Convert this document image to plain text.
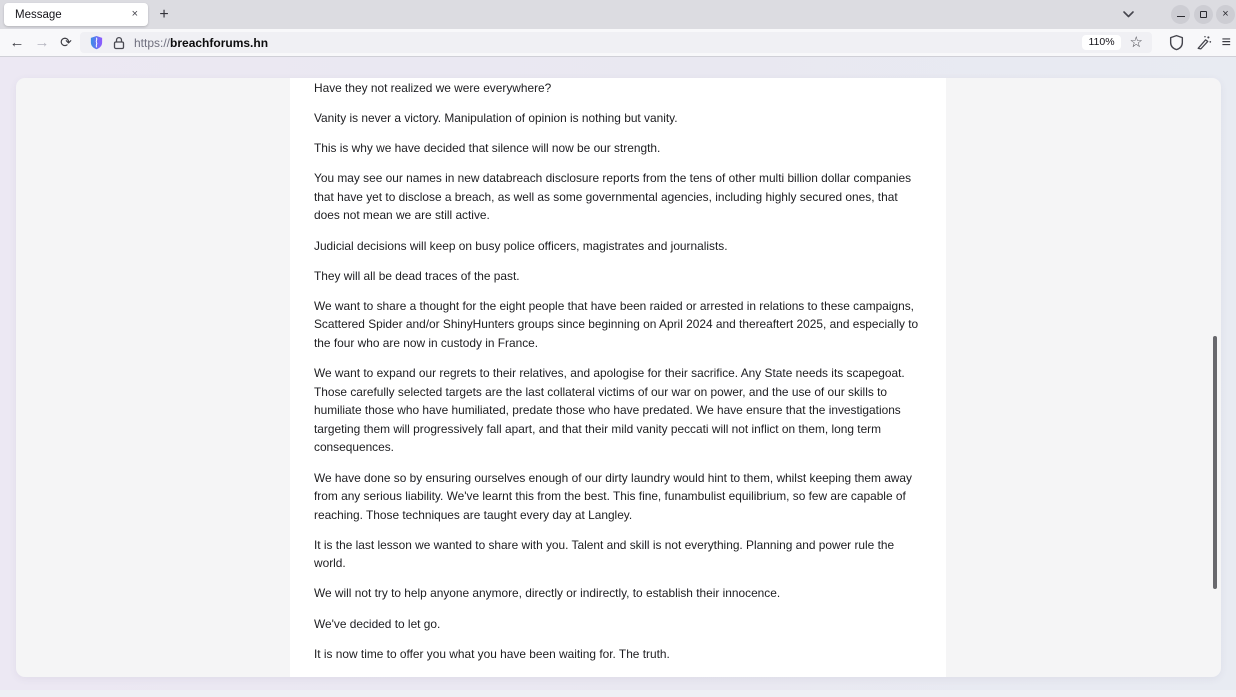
Message	×	+	×
← → ⟳	https://breachforums.hn	110%	☆	≡

Have they not realized we were everywhere?

Vanity is never a victory. Manipulation of opinion is nothing but vanity.

This is why we have decided that silence will now be our strength.

You may see our names in new databreach disclosure reports from the tens of other multi billion dollar companies that have yet to disclose a breach, as well as some governmental agencies, including highly secured ones, that does not mean we are still active.

Judicial decisions will keep on busy police officers, magistrates and journalists.

They will all be dead traces of the past.

We want to share a thought for the eight people that have been raided or arrested in relations to these campaigns, Scattered Spider and/or ShinyHunters groups since beginning on April 2024 and thereaftert 2025, and especially to the four who are now in custody in France.

We want to expand our regrets to their relatives, and apologise for their sacrifice. Any State needs its scapegoat. Those carefully selected targets are the last collateral victims of our war on power, and the use of our skills to humiliate those who have humiliated, predate those who have predated. We have ensure that the investigations targeting them will progressively fall apart, and that their mild vanity peccati will not inflict on them, long term consequences.

We have done so by ensuring ourselves enough of our dirty laundry would hint to them, whilst keeping them away from any serious liability. We've learnt this from the best. This fine, funambulist equilibrium, so few are capable of reaching. Those techniques are taught every day at Langley.

It is the last lesson we wanted to share with you. Talent and skill is not everything. Planning and power rule the world.

We will not try to help anyone anymore, directly or indirectly, to establish their innocence.

We've decided to let go.

It is now time to offer you what you have been waiting for. The truth.
